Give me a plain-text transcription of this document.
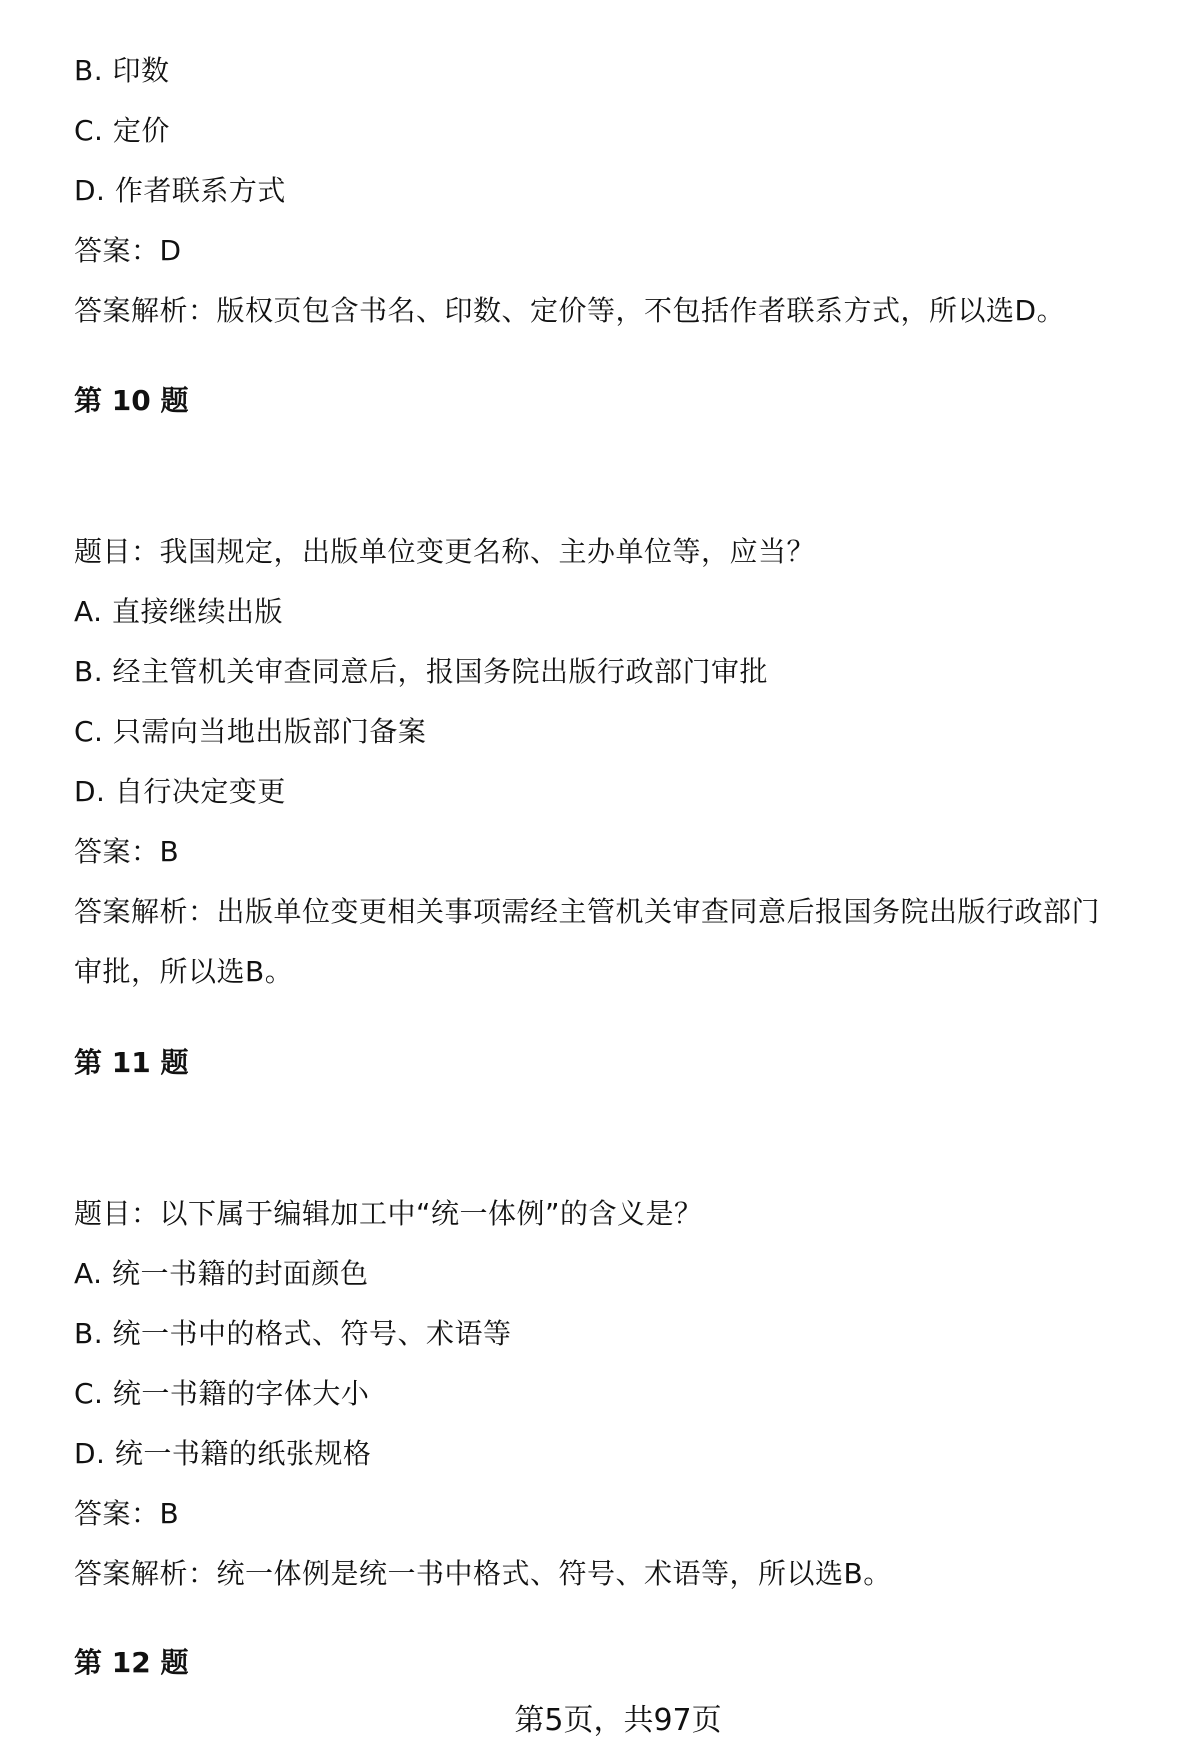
B. 印数
C. 定价
D. 作者联系方式
答案：D
答案解析：版权页包含书名、印数、定价等，不包括作者联系方式，所以选D。
第 10 题
题目：我国规定，出版单位变更名称、主办单位等，应当？
A. 直接继续出版
B. 经主管机关审查同意后，报国务院出版行政部门审批
C. 只需向当地出版部门备案
D. 自行决定变更
答案：B
答案解析：出版单位变更相关事项需经主管机关审查同意后报国务院出版行政部门
审批，所以选B。
第 11 题
题目：以下属于编辑加工中“统一体例”的含义是？
A. 统一书籍的封面颜色
B. 统一书中的格式、符号、术语等
C. 统一书籍的字体大小
D. 统一书籍的纸张规格
答案：B
答案解析：统一体例是统一书中格式、符号、术语等，所以选B。
第 12 题
第5页，共97页
